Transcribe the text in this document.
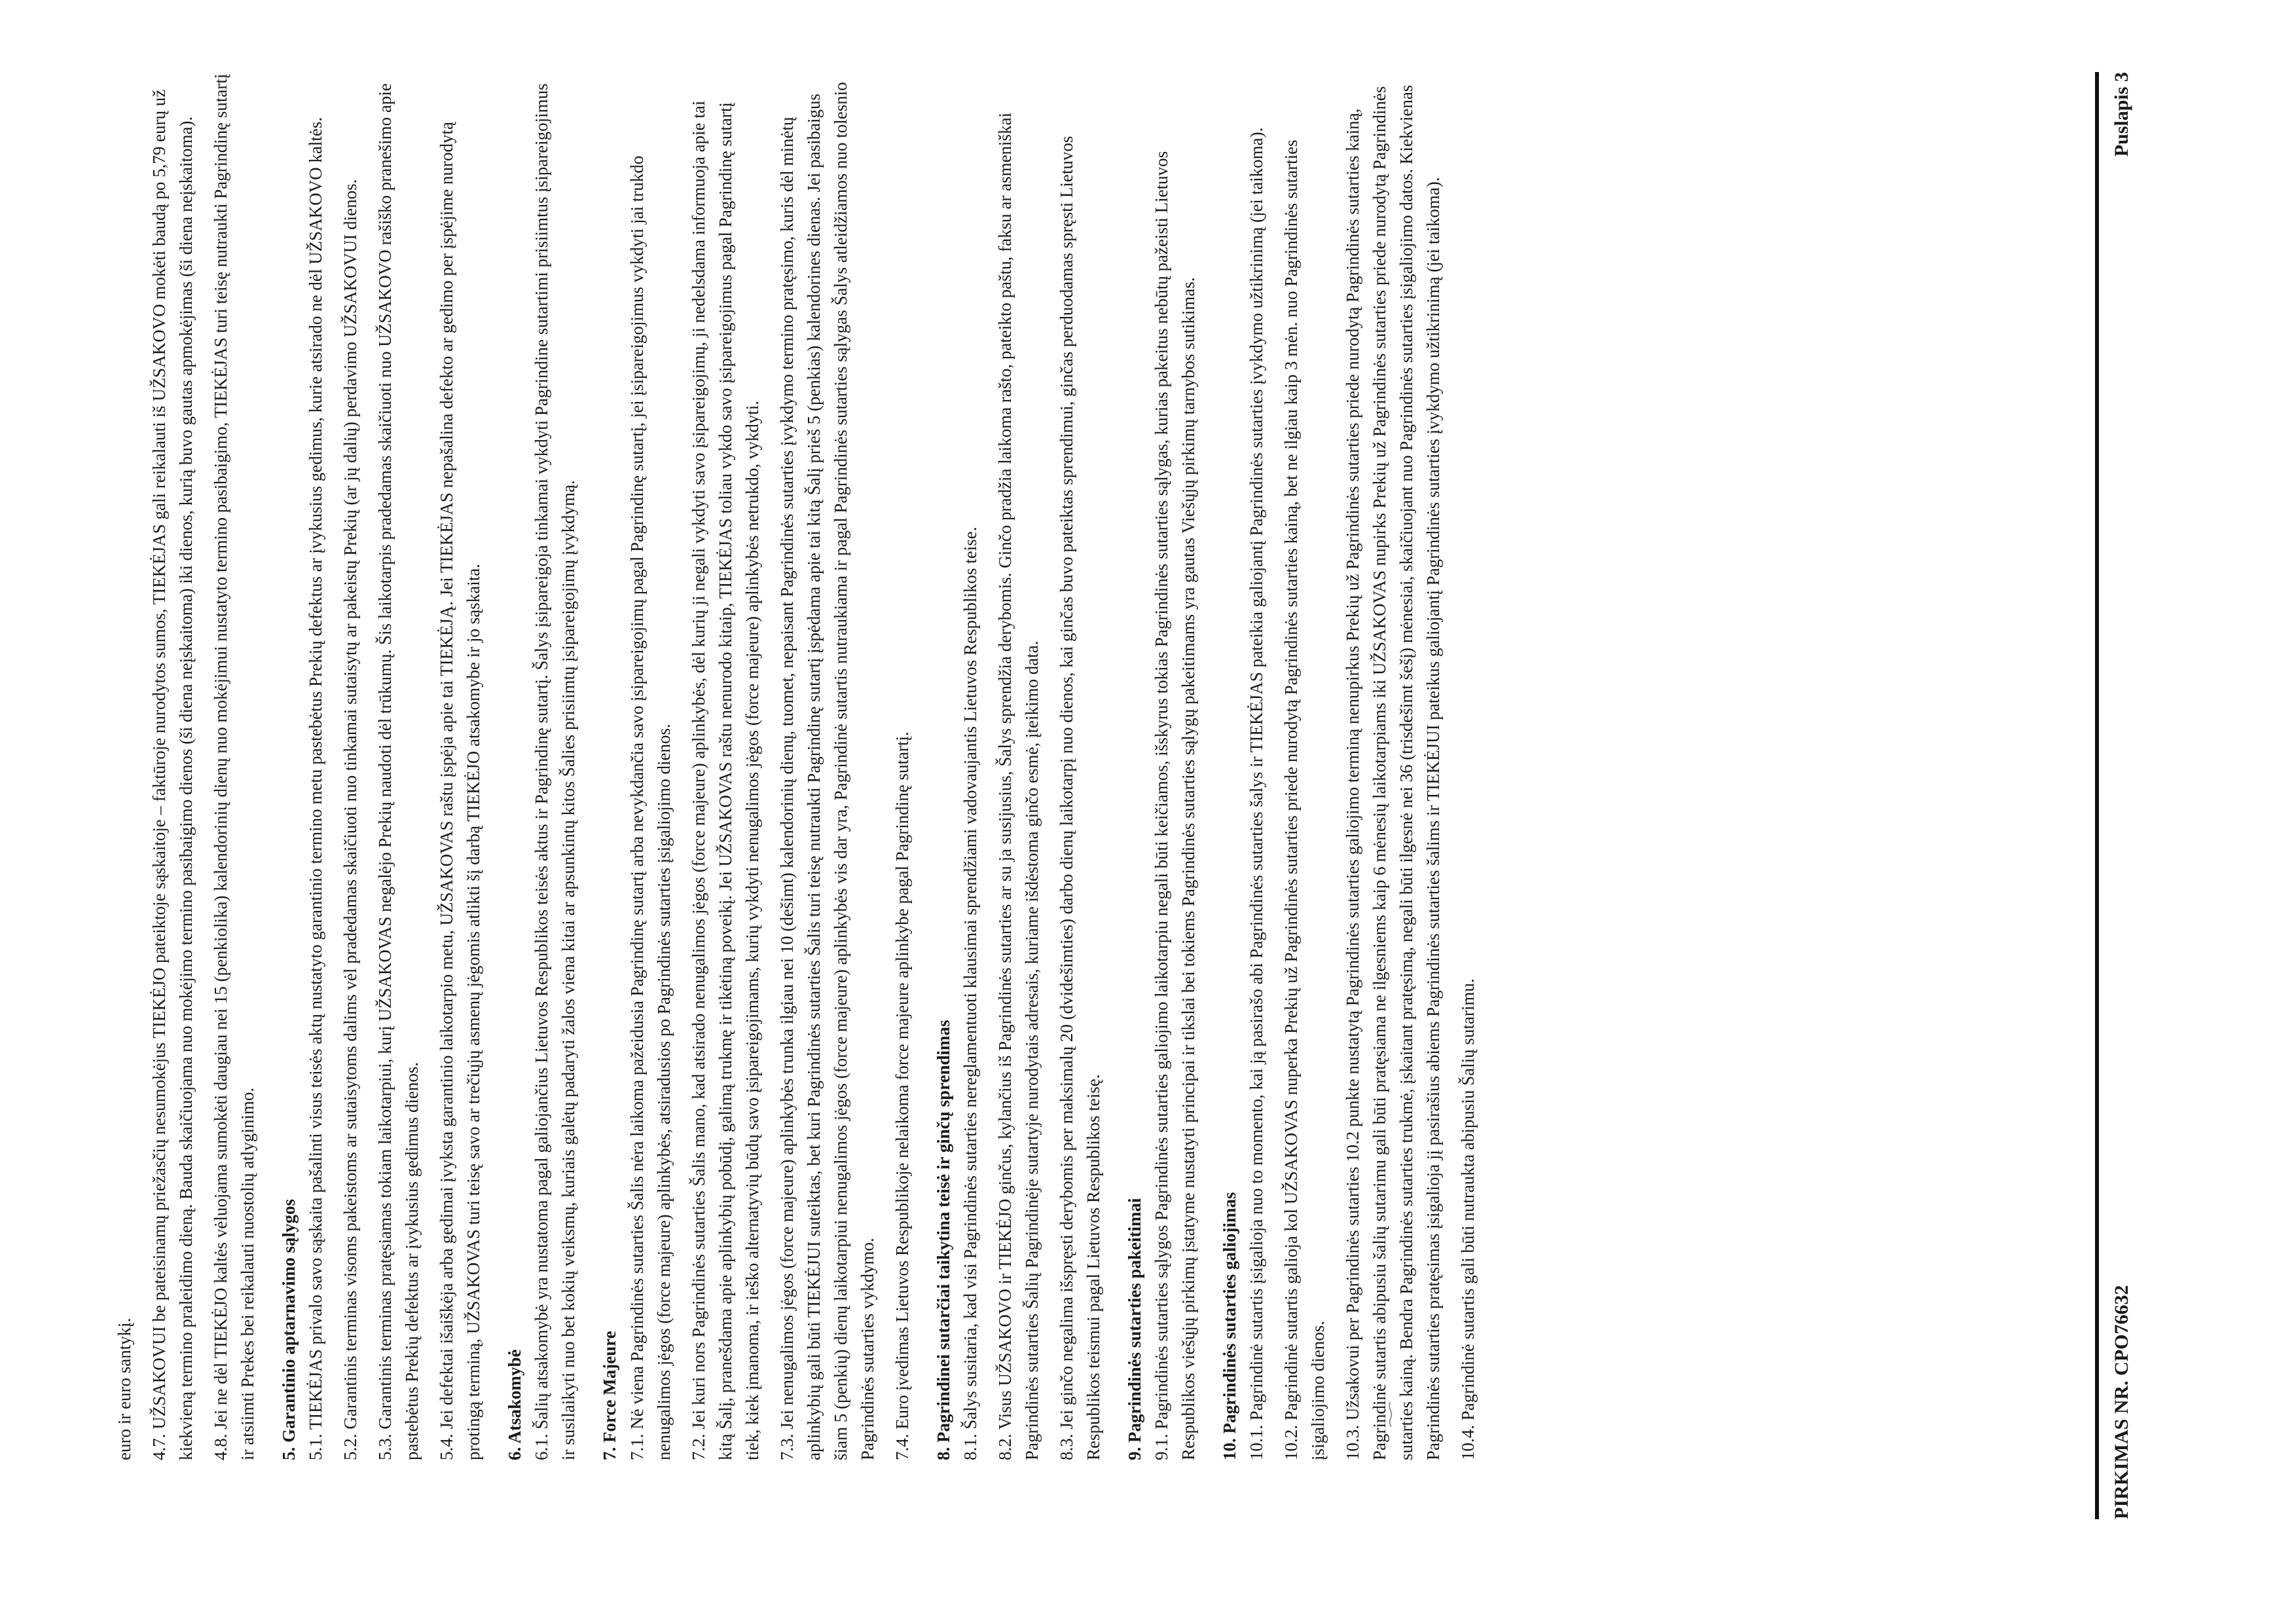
euro ir euro santykį. 4.7. UŽSAKOVUI be pateisinamų priežasčių nesumokėjus TIEKĖJO pateiktoje sąskaitoje – faktūroje nurodytos sumos, TIEKĖJAS gali reikalauti iš UŽSAKOVO mokėti baudą po 5,79 eurų už kiekvieną termino praleidimo dieną. Bauda skaičiuojama nuo mokėjimo termino pasibaigimo dienos (ši diena neįskaitoma) iki dienos, kurią buvo gautas apmokėjimas (ši diena neįskaitoma). 4.8. Jei ne dėl TIEKĖJO kaltės vėluojama sumokėti daugiau nei 15 (penkiolika) kalendorinių dienų nuo mokėjimui nustatyto termino pasibaigimo, TIEKĖJAS turi teisę nutraukti Pagrindinę sutartį ir atsiimti Prekes bei reikalauti nuostolių atlyginimo. 5. Garantinio aptarnavimo sąlygos 5.1. TIEKĖJAS privalo savo sąskaita pašalinti visus teisės aktų nustatyto garantinio termino metu pastebėtus Prekių defektus ar įvykusius gedimus, kurie atsirado ne dėl UŽSAKOVO kaltės. 5.2. Garantinis terminas visoms pakeistoms ar sutaisytoms dalims vėl pradedamas skaičiuoti nuo tinkamai sutaisytų ar pakeistų Prekių (ar jų dalių) perdavimo UŽSAKOVUI dienos. 5.3. Garantinis terminas pratęsiamas tokiam laikotarpiui, kurį UŽSAKOVAS negalėjo Prekių naudoti dėl trūkumų. Šis laikotarpis pradedamas skaičiuoti nuo UŽSAKOVO rašiško pranešimo apie pastebėtus Prekių defektus ar įvykusius gedimus dienos. 5.4. Jei defektai išaiškėja arba gedimai įvyksta garantinio laikotarpio metu, UŽSAKOVAS raštu įspėja apie tai TIEKĖJĄ. Jei TIEKĖJAS nepašalina defekto ar gedimo per įspėjime nurodytą protingą terminą, UŽSAKOVAS turi teisę savo ar trečiųjų asmenų jėgomis atlikti šį darbą TIEKĖJO atsakomybe ir jo sąskaita. 6. Atsakomybė 6.1. Šalių atsakomybė yra nustatoma pagal galiojančius Lietuvos Respublikos teisės aktus ir Pagrindinę sutartį. Šalys įsipareigoja tinkamai vykdyti Pagrindine sutartimi prisiimtus įsipareigojimus ir susilaikyti nuo bet kokių veiksmų, kuriais galėtų padaryti žalos viena kitai ar apsunkintų kitos Šalies prisiimtų įsipareigojimų įvykdymą. 7. Force Majeure 7.1. Nė viena Pagrindinės sutarties Šalis nėra laikoma pažeidusia Pagrindinę sutartį arba nevykdančia savo įsipareigojimų pagal Pagrindinę sutartį, jei įsipareigojimus vykdyti jai trukdo nenugalimos jėgos (force majeure) aplinkybės, atsiradusios po Pagrindinės sutarties įsigaliojimo dienos. 7.2. Jei kuri nors Pagrindinės sutarties Šalis mano, kad atsirado nenugalimos jėgos (force majeure) aplinkybės, dėl kurių ji negali vykdyti savo įsipareigojimų, ji nedelsdama informuoja apie tai kitą Šalį, pranešdama apie aplinkybių pobūdį, galimą trukmę ir tikėtiną poveikį. Jei UŽSAKOVAS raštu nenurodo kitaip, TIEKĖJAS toliau vykdo savo įsipareigojimus pagal Pagrindinę sutartį tiek, kiek įmanoma, ir ieško alternatyvių būdų savo įsipareigojimams, kurių vykdyti nenugalimos jėgos (force majeure) aplinkybės netrukdo, vykdyti. 7.3. Jei nenugalimos jėgos (force majeure) aplinkybės trunka ilgiau nei 10 (dešimt) kalendorinių dienų, tuomet, nepaisant Pagrindinės sutarties įvykdymo termino pratęsimo, kuris dėl minėtų aplinkybių gali būti TIEKĖJUI suteiktas, bet kuri Pagrindinės sutarties Šalis turi teisę nutraukti Pagrindinę sutartį įspėdama apie tai kitą Šalį prieš 5 (penkias) kalendorines dienas. Jei pasibaigus šiam 5 (penkių) dienų laikotarpiui nenugalimos jėgos (force majeure) aplinkybės vis dar yra, Pagrindinė sutartis nutraukiama ir pagal Pagrindinės sutarties sąlygas Šalys atleidžiamos nuo tolesnio Pagrindinės sutarties vykdymo. 7.4. Euro įvedimas Lietuvos Respublikoje nelaikoma force majeure aplinkybe pagal Pagrindinę sutartį. 8. Pagrindinei sutarčiai taikytina teisė ir ginčų sprendimas 8.1. Šalys susitaria, kad visi Pagrindinės sutarties nereglamentuoti klausimai sprendžiami vadovaujantis Lietuvos Respublikos teise. 8.2. Visus UŽSAKOVO ir TIEKĖJO ginčus, kylančius iš Pagrindinės sutarties ar su ja susijusius, Šalys sprendžia derybomis. Ginčo pradžia laikoma rašto, pateikto paštu, faksu ar asmeniškai Pagrindinės sutarties Šalių Pagrindinėje sutartyje nurodytais adresais, kuriame išdėstoma ginčo esmė, įteikimo data. 8.3. Jei ginčo negalima išspręsti derybomis per maksimalų 20 (dvidešimties) darbo dienų laikotarpį nuo dienos, kai ginčas buvo pateiktas sprendimui, ginčas perduodamas spręsti Lietuvos Respublikos teismui pagal Lietuvos Respublikos teisę. 9. Pagrindinės sutarties pakeitimai 9.1. Pagrindinės sutarties sąlygos Pagrindinės sutarties galiojimo laikotarpiu negali būti keičiamos, išskyrus tokias Pagrindinės sutarties sąlygas, kurias pakeitus nebūtų pažeisti Lietuvos Respublikos viešųjų pirkimų įstatyme nustatyti principai ir tikslai bei tokiems Pagrindinės sutarties sąlygų pakeitimams yra gautas Viešųjų pirkimų tarnybos sutikimas. 10. Pagrindinės sutarties galiojimas 10.1. Pagrindinė sutartis įsigalioja nuo to momento, kai ją pasirašo abi Pagrindinės sutarties šalys ir TIEKĖJAS pateikia galiojantį Pagrindinės sutarties įvykdymo užtikrinimą (jei taikoma). 10.2. Pagrindinė sutartis galioja kol UŽSAKOVAS nuperka Prekių už Pagrindinės sutarties priede nurodytą Pagrindinės sutarties kainą, bet ne ilgiau kaip 3 mėn. nuo Pagrindinės sutarties įsigaliojimo dienos. 10.3. Užsakovui per Pagrindinės sutarties 10.2 punkte nustatytą Pagrindinės sutarties galiojimo terminą nenupirkus Prekių už Pagrindinės sutarties priede nurodytą Pagrindinės sutarties kainą, Pagrindinė sutartis abipusiu šalių sutarimu gali būti pratęsiama ne ilgesniems kaip 6 mėnesių laikotarpiams iki UŽSAKOVAS nupirks Prekių už Pagrindinės sutarties priede nurodytą Pagrindinės sutarties kainą. Bendra Pagrindinės sutarties trukmė, įskaitant pratęsimą, negali būti ilgesnė nei 36 (trisdešimt šešį) mėnesiai, skaičiuojant nuo Pagrindinės sutarties įsigaliojimo datos. Kiekvienas Pagrindinės sutarties pratęsimas įsigalioja jį pasirašius abiems Pagrindinės sutarties šalims ir TIEKĖJUI pateikus galiojantį Pagrindinės sutarties įvykdymo užtikrinimą (jei taikoma). 10.4. Pagrindinė sutartis gali būti nutraukta abipusiu Šalių sutarimu.	PIRKIMAS NR. CPO76632
Puslapis 3
